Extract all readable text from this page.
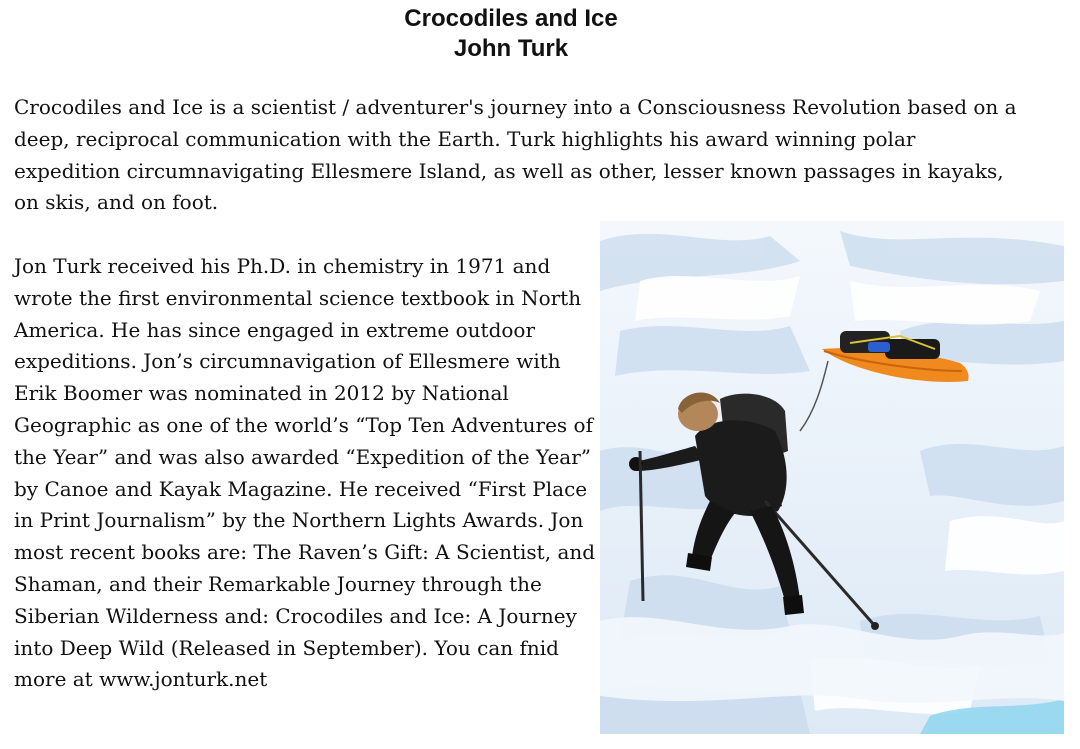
Crocodiles and Ice
John Turk

Crocodiles and Ice is a scientist / adventurer's journey into a Consciousness Revolution based on a deep, reciprocal communication with the Earth. Turk highlights his award winning polar expedition circumnavigating Ellesmere Island, as well as other, lesser known passages in kayaks, on skis, and on foot.

Jon Turk received his Ph.D. in chemistry in 1971 and wrote the first environmental science textbook in North America. He has since engaged in extreme outdoor expeditions. Jon’s circumnavigation of Ellesmere with Erik Boomer was nominated in 2012 by National Geographic as one of the world’s “Top Ten Adventures of the Year” and was also awarded “Expedition of the Year” by Canoe and Kayak Magazine. He received “First Place in Print Journalism” by the Northern Lights Awards. Jon most recent books are: The Raven’s Gift: A Scientist, and Shaman, and their Remarkable Journey through the Siberian Wilderness and: Crocodiles and Ice: A Journey into Deep Wild (Released in September). You can fnid more at www.jonturk.net
